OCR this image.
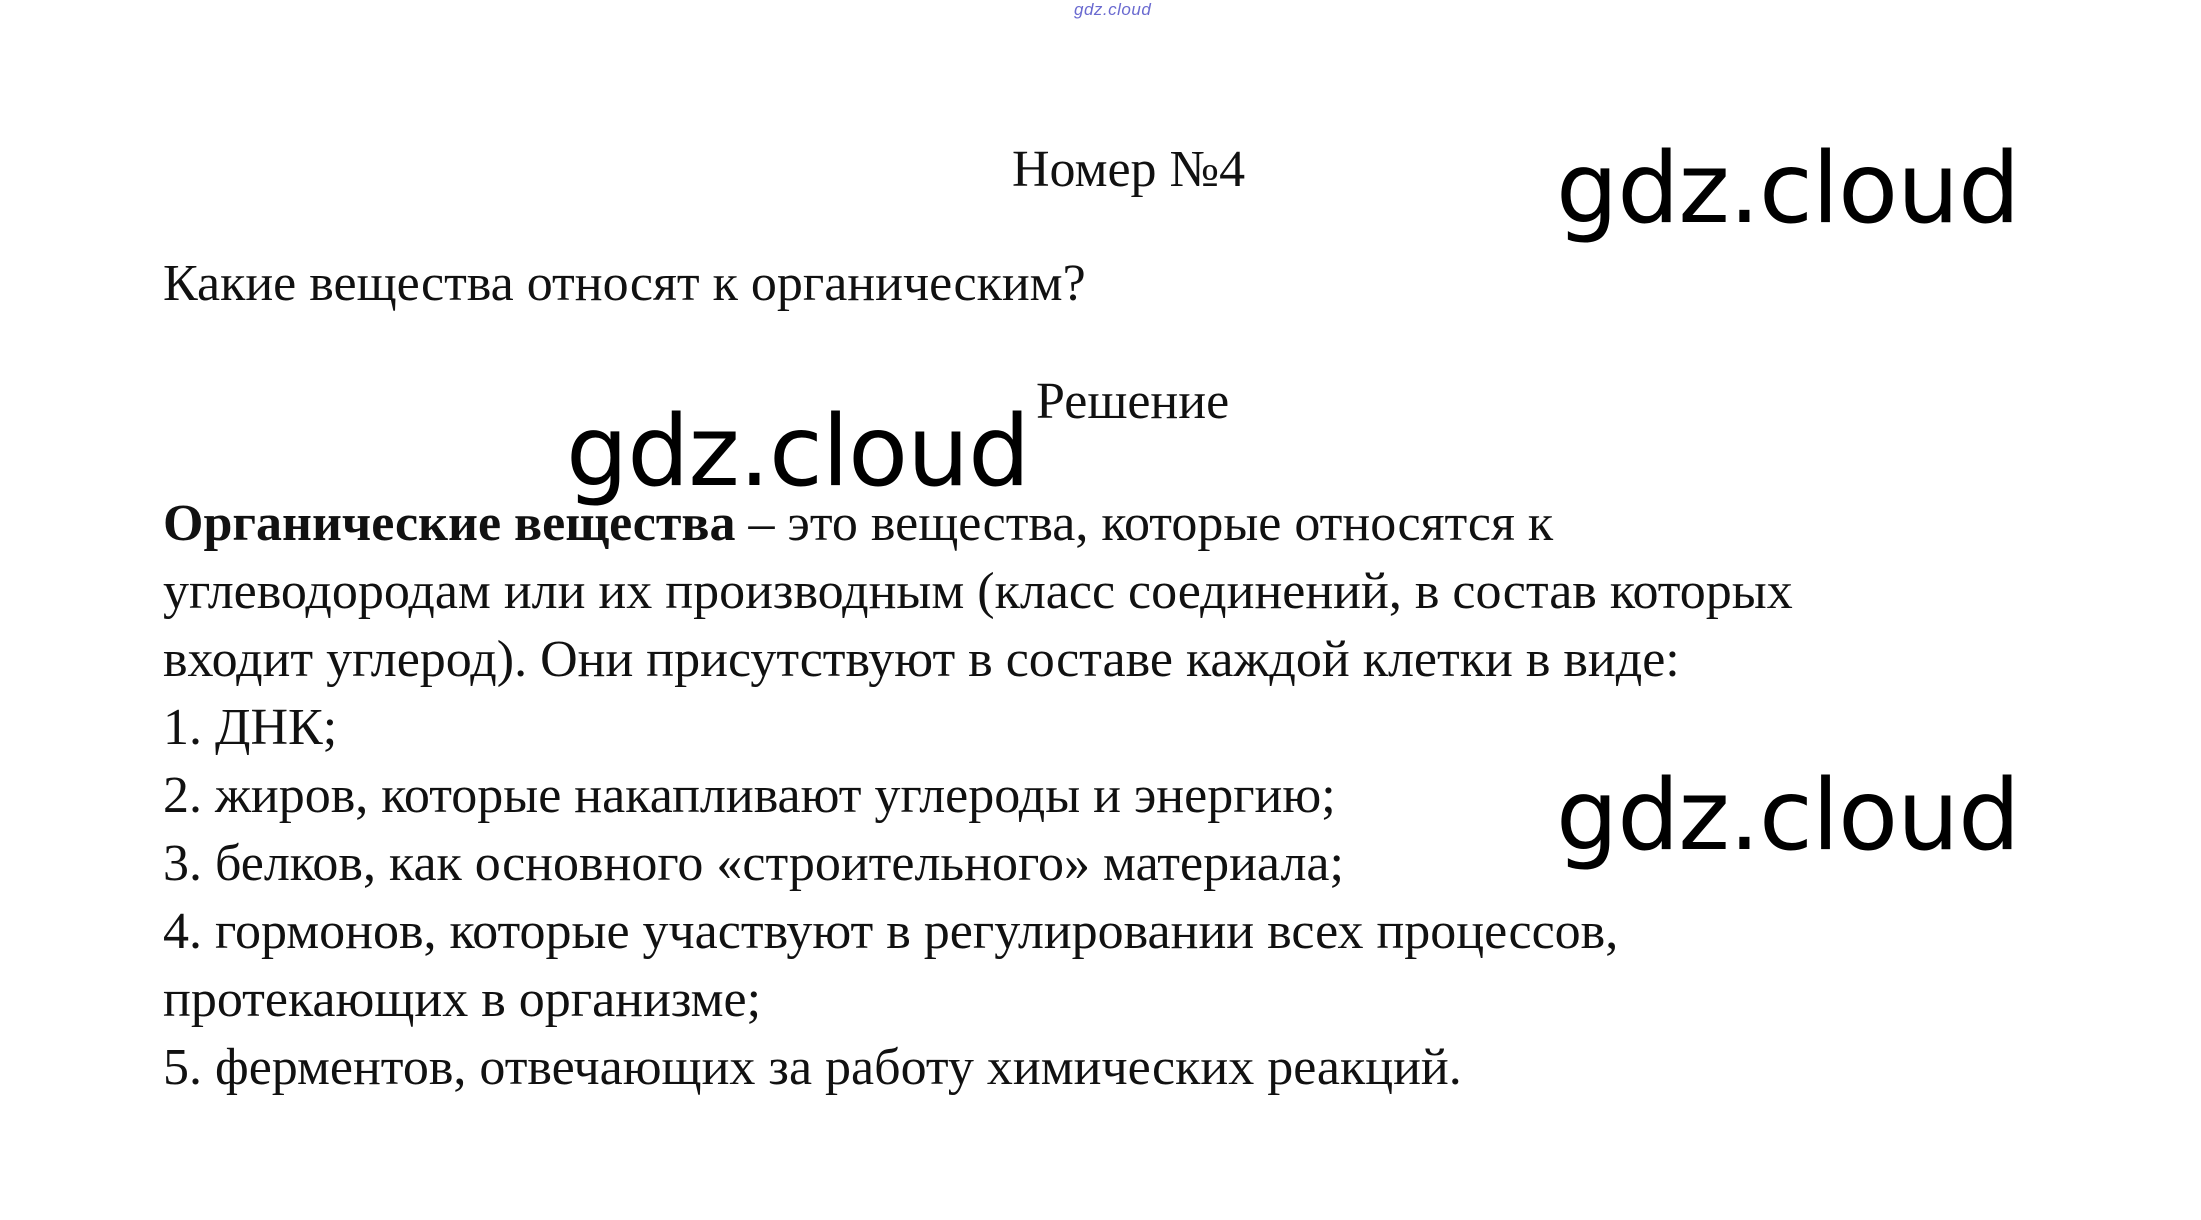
gdz.cloud
Номер №4
Какие вещества относят к органическим?
Решение
Органические вещества – это вещества, которые относятся к
углеводородам или их производным (класс соединений, в состав которых
входит углерод). Они присутствуют в составе каждой клетки в виде:
1. ДНК;
2. жиров, которые накапливают углероды и энергию;
3. белков, как основного «строительного» материала;
4. гормонов, которые участвуют в регулировании всех процессов,
протекающих в организме;
5. ферментов, отвечающих за работу химических реакций.
gdz.cloud
gdz.cloud
gdz.cloud
